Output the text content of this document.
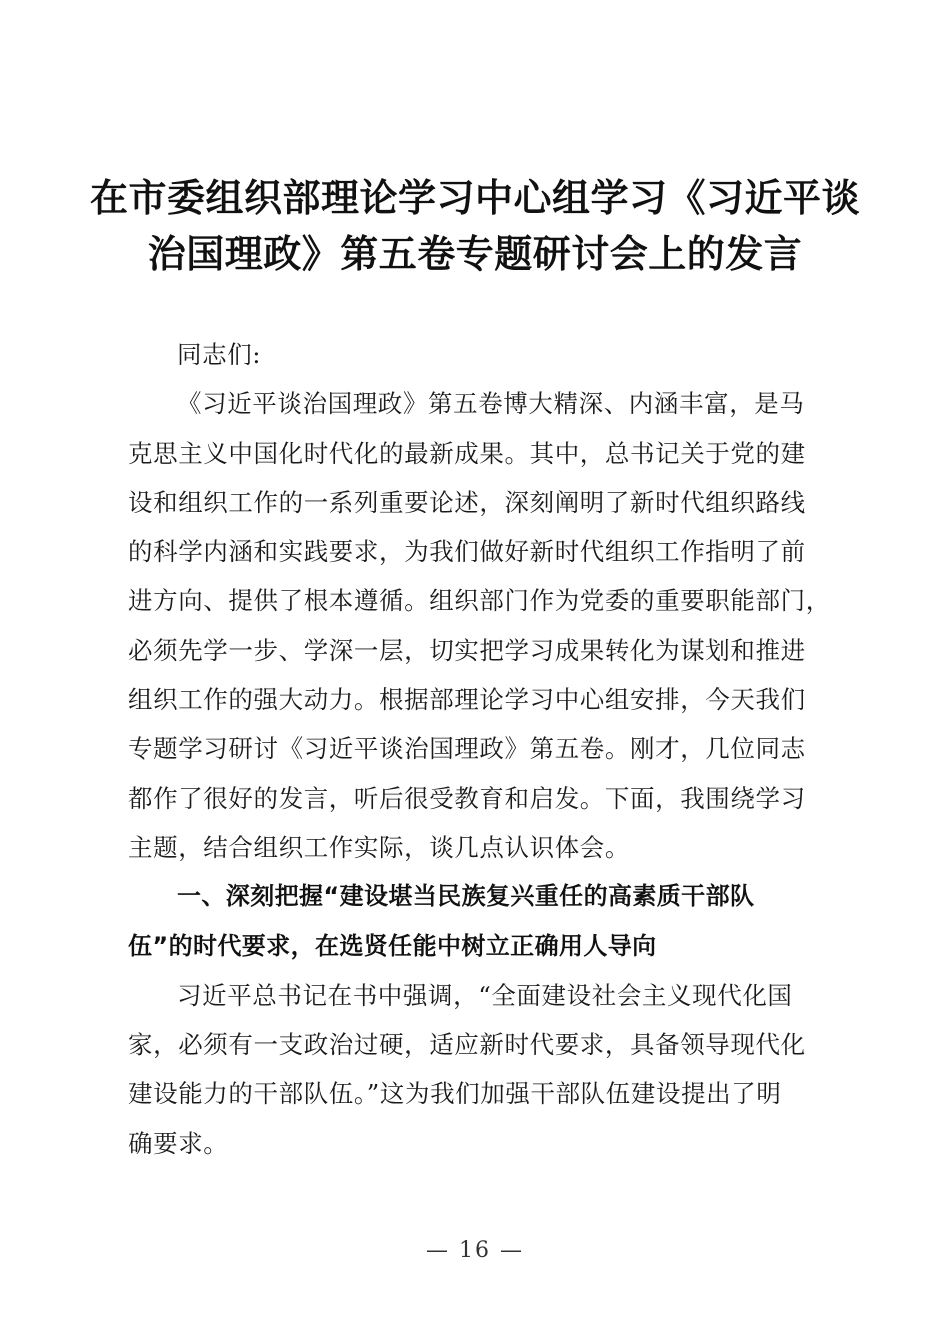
在市委组织部理论学习中心组学习《习近平谈
治国理政》第五卷专题研讨会上的发言

同志们:

《习近平谈治国理政》第五卷博大精深、内涵丰富，是马
克思主义中国化时代化的最新成果。其中，总书记关于党的建
设和组织工作的一系列重要论述，深刻阐明了新时代组织路线
的科学内涵和实践要求，为我们做好新时代组织工作指明了前
进方向、提供了根本遵循。组织部门作为党委的重要职能部门，
必须先学一步、学深一层，切实把学习成果转化为谋划和推进
组织工作的强大动力。根据部理论学习中心组安排，今天我们
专题学习研讨《习近平谈治国理政》第五卷。刚才，几位同志
都作了很好的发言，听后很受教育和启发。下面，我围绕学习
主题，结合组织工作实际，谈几点认识体会。

一、深刻把握“建设堪当民族复兴重任的高素质干部队
伍”的时代要求，在选贤任能中树立正确用人导向

习近平总书记在书中强调，“全面建设社会主义现代化国
家，必须有一支政治过硬，适应新时代要求，具备领导现代化
建设能力的干部队伍。”这为我们加强干部队伍建设提出了明
确要求。

— 16 —
